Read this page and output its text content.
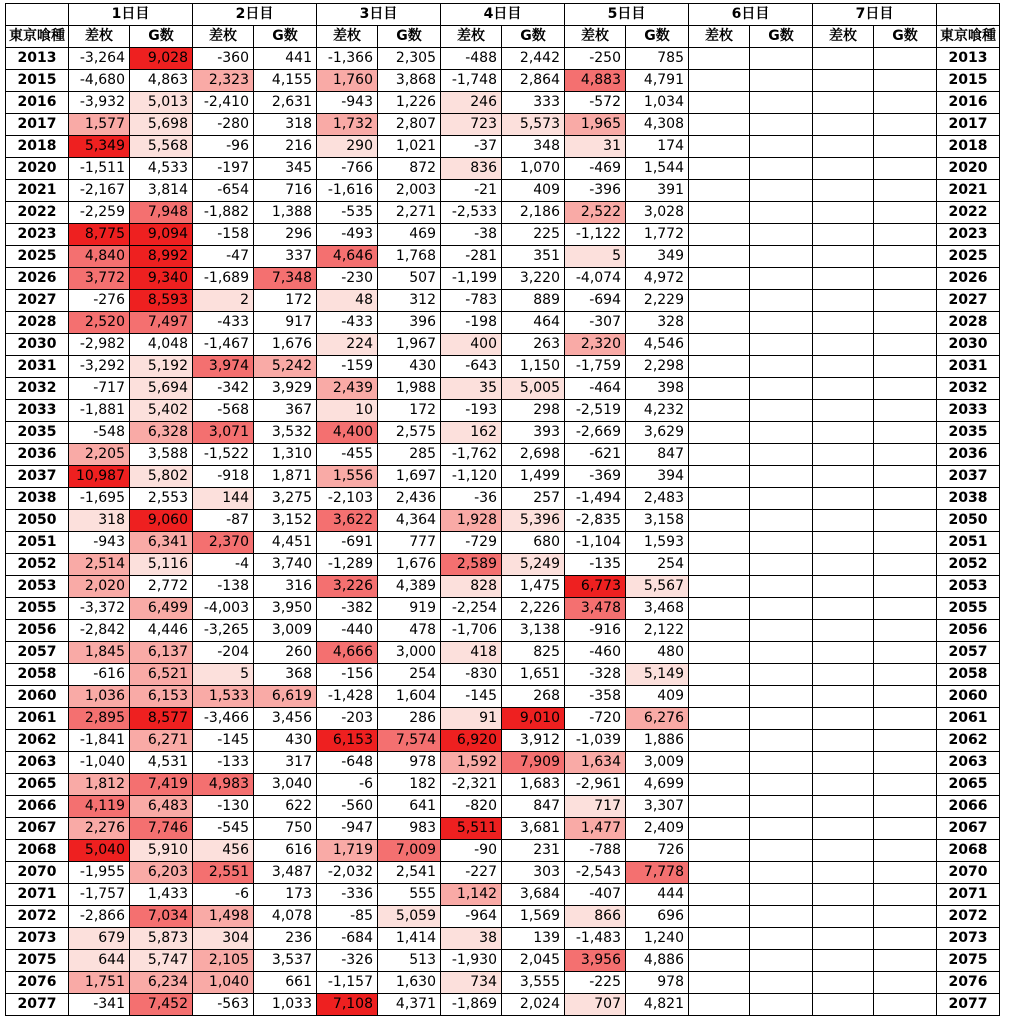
	1日目		2日目		3日目		4日目		5日目		6日目		7日目		
東京喰種	差枚	G数	差枚	G数	差枚	G数	差枚	G数	差枚	G数	差枚	G数	差枚	G数	東京喰種
2013	-3,264	9,028	-360	441	-1,366	2,305	-488	2,442	-250	785					2013
2015	-4,680	4,863	2,323	4,155	1,760	3,868	-1,748	2,864	4,883	4,791					2015
2016	-3,932	5,013	-2,410	2,631	-943	1,226	246	333	-572	1,034					2016
2017	1,577	5,698	-280	318	1,732	2,807	723	5,573	1,965	4,308					2017
2018	5,349	5,568	-96	216	290	1,021	-37	348	31	174					2018
2020	-1,511	4,533	-197	345	-766	872	836	1,070	-469	1,544					2020
2021	-2,167	3,814	-654	716	-1,616	2,003	-21	409	-396	391					2021
2022	-2,259	7,948	-1,882	1,388	-535	2,271	-2,533	2,186	2,522	3,028					2022
2023	8,775	9,094	-158	296	-493	469	-38	225	-1,122	1,772					2023
2025	4,840	8,992	-47	337	4,646	1,768	-281	351	5	349					2025
2026	3,772	9,340	-1,689	7,348	-230	507	-1,199	3,220	-4,074	4,972					2026
2027	-276	8,593	2	172	48	312	-783	889	-694	2,229					2027
2028	2,520	7,497	-433	917	-433	396	-198	464	-307	328					2028
2030	-2,982	4,048	-1,467	1,676	224	1,967	400	263	2,320	4,546					2030
2031	-3,292	5,192	3,974	5,242	-159	430	-643	1,150	-1,759	2,298					2031
2032	-717	5,694	-342	3,929	2,439	1,988	35	5,005	-464	398					2032
2033	-1,881	5,402	-568	367	10	172	-193	298	-2,519	4,232					2033
2035	-548	6,328	3,071	3,532	4,400	2,575	162	393	-2,669	3,629					2035
2036	2,205	3,588	-1,522	1,310	-455	285	-1,762	2,698	-621	847					2036
2037	10,987	5,802	-918	1,871	1,556	1,697	-1,120	1,499	-369	394					2037
2038	-1,695	2,553	144	3,275	-2,103	2,436	-36	257	-1,494	2,483					2038
2050	318	9,060	-87	3,152	3,622	4,364	1,928	5,396	-2,835	3,158					2050
2051	-943	6,341	2,370	4,451	-691	777	-729	680	-1,104	1,593					2051
2052	2,514	5,116	-4	3,740	-1,289	1,676	2,589	5,249	-135	254					2052
2053	2,020	2,772	-138	316	3,226	4,389	828	1,475	6,773	5,567					2053
2055	-3,372	6,499	-4,003	3,950	-382	919	-2,254	2,226	3,478	3,468					2055
2056	-2,842	4,446	-3,265	3,009	-440	478	-1,706	3,138	-916	2,122					2056
2057	1,845	6,137	-204	260	4,666	3,000	418	825	-460	480					2057
2058	-616	6,521	5	368	-156	254	-830	1,651	-328	5,149					2058
2060	1,036	6,153	1,533	6,619	-1,428	1,604	-145	268	-358	409					2060
2061	2,895	8,577	-3,466	3,456	-203	286	91	9,010	-720	6,276					2061
2062	-1,841	6,271	-145	430	6,153	7,574	6,920	3,912	-1,039	1,886					2062
2063	-1,040	4,531	-133	317	-648	978	1,592	7,909	1,634	3,009					2063
2065	1,812	7,419	4,983	3,040	-6	182	-2,321	1,683	-2,961	4,699					2065
2066	4,119	6,483	-130	622	-560	641	-820	847	717	3,307					2066
2067	2,276	7,746	-545	750	-947	983	5,511	3,681	1,477	2,409					2067
2068	5,040	5,910	456	616	1,719	7,009	-90	231	-788	726					2068
2070	-1,955	6,203	2,551	3,487	-2,032	2,541	-227	303	-2,543	7,778					2070
2071	-1,757	1,433	-6	173	-336	555	1,142	3,684	-407	444					2071
2072	-2,866	7,034	1,498	4,078	-85	5,059	-964	1,569	866	696					2072
2073	679	5,873	304	236	-684	1,414	38	139	-1,483	1,240					2073
2075	644	5,747	2,105	3,537	-326	513	-1,930	2,045	3,956	4,886					2075
2076	1,751	6,234	1,040	661	-1,157	1,630	734	3,555	-225	978					2076
2077	-341	7,452	-563	1,033	7,108	4,371	-1,869	2,024	707	4,821					2077
